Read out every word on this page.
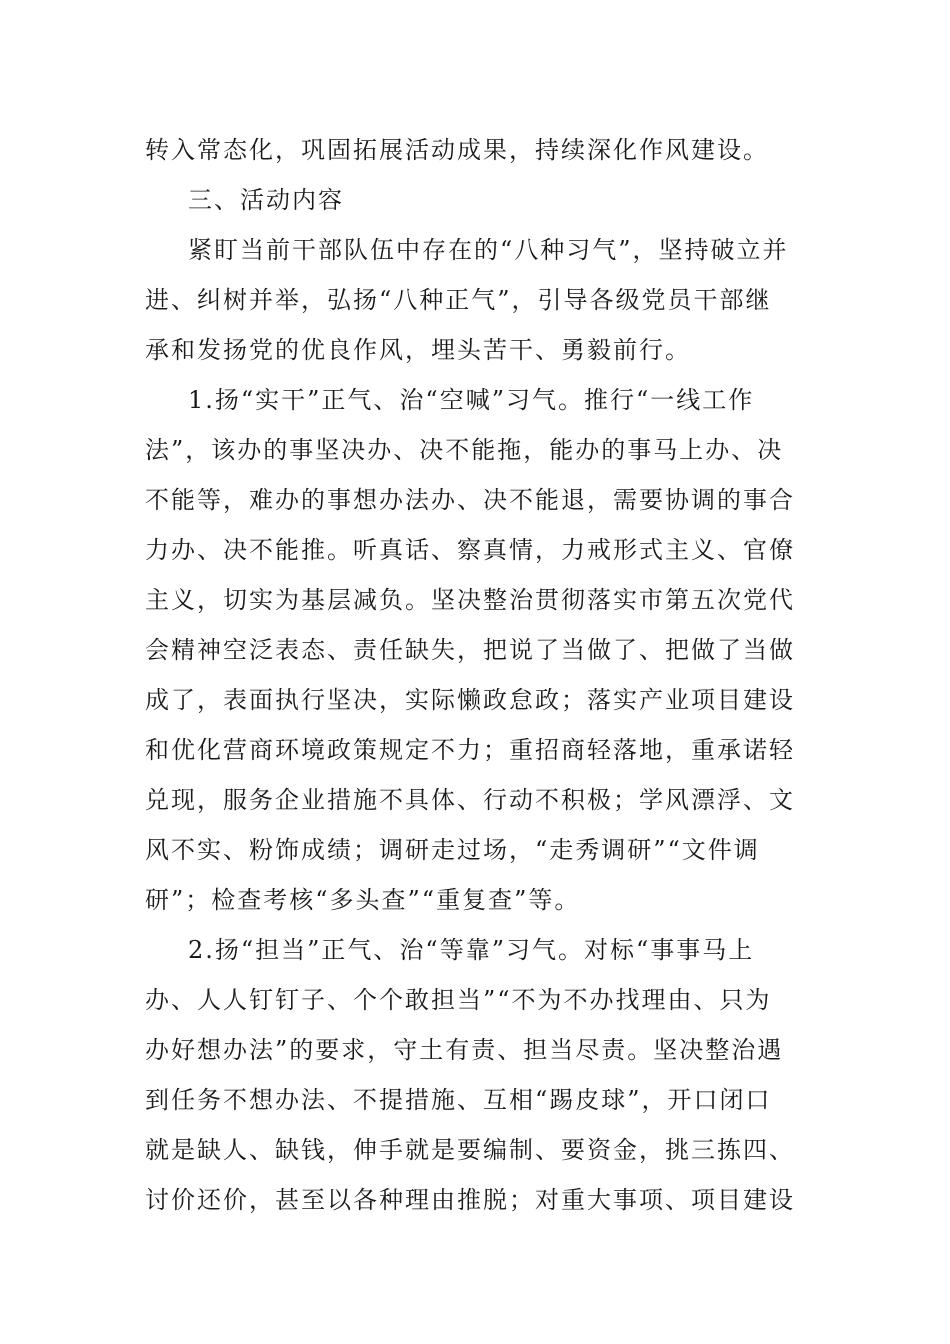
转入常态化，巩固拓展活动成果，持续深化作风建设。

三、活动内容

紧盯当前干部队伍中存在的“八种习气”，坚持破立并

进、纠树并举，弘扬“八种正气”，引导各级党员干部继

承和发扬党的优良作风，埋头苦干、勇毅前行。

1.扬“实干”正气、治“空喊”习气。推行“一线工作

法”，该办的事坚决办、决不能拖，能办的事马上办、决

不能等，难办的事想办法办、决不能退，需要协调的事合

力办、决不能推。听真话、察真情，力戒形式主义、官僚

主义，切实为基层减负。坚决整治贯彻落实市第五次党代

会精神空泛表态、责任缺失，把说了当做了、把做了当做

成了，表面执行坚决，实际懒政怠政；落实产业项目建设

和优化营商环境政策规定不力；重招商轻落地，重承诺轻

兑现，服务企业措施不具体、行动不积极；学风漂浮、文

风不实、粉饰成绩；调研走过场，“走秀调研”“文件调

研”；检查考核“多头查”“重复查”等。

2.扬“担当”正气、治“等靠”习气。对标“事事马上

办、人人钉钉子、个个敢担当”“不为不办找理由、只为

办好想办法”的要求，守土有责、担当尽责。坚决整治遇

到任务不想办法、不提措施、互相“踢皮球”，开口闭口

就是缺人、缺钱，伸手就是要编制、要资金，挑三拣四、

讨价还价，甚至以各种理由推脱；对重大事项、项目建设
